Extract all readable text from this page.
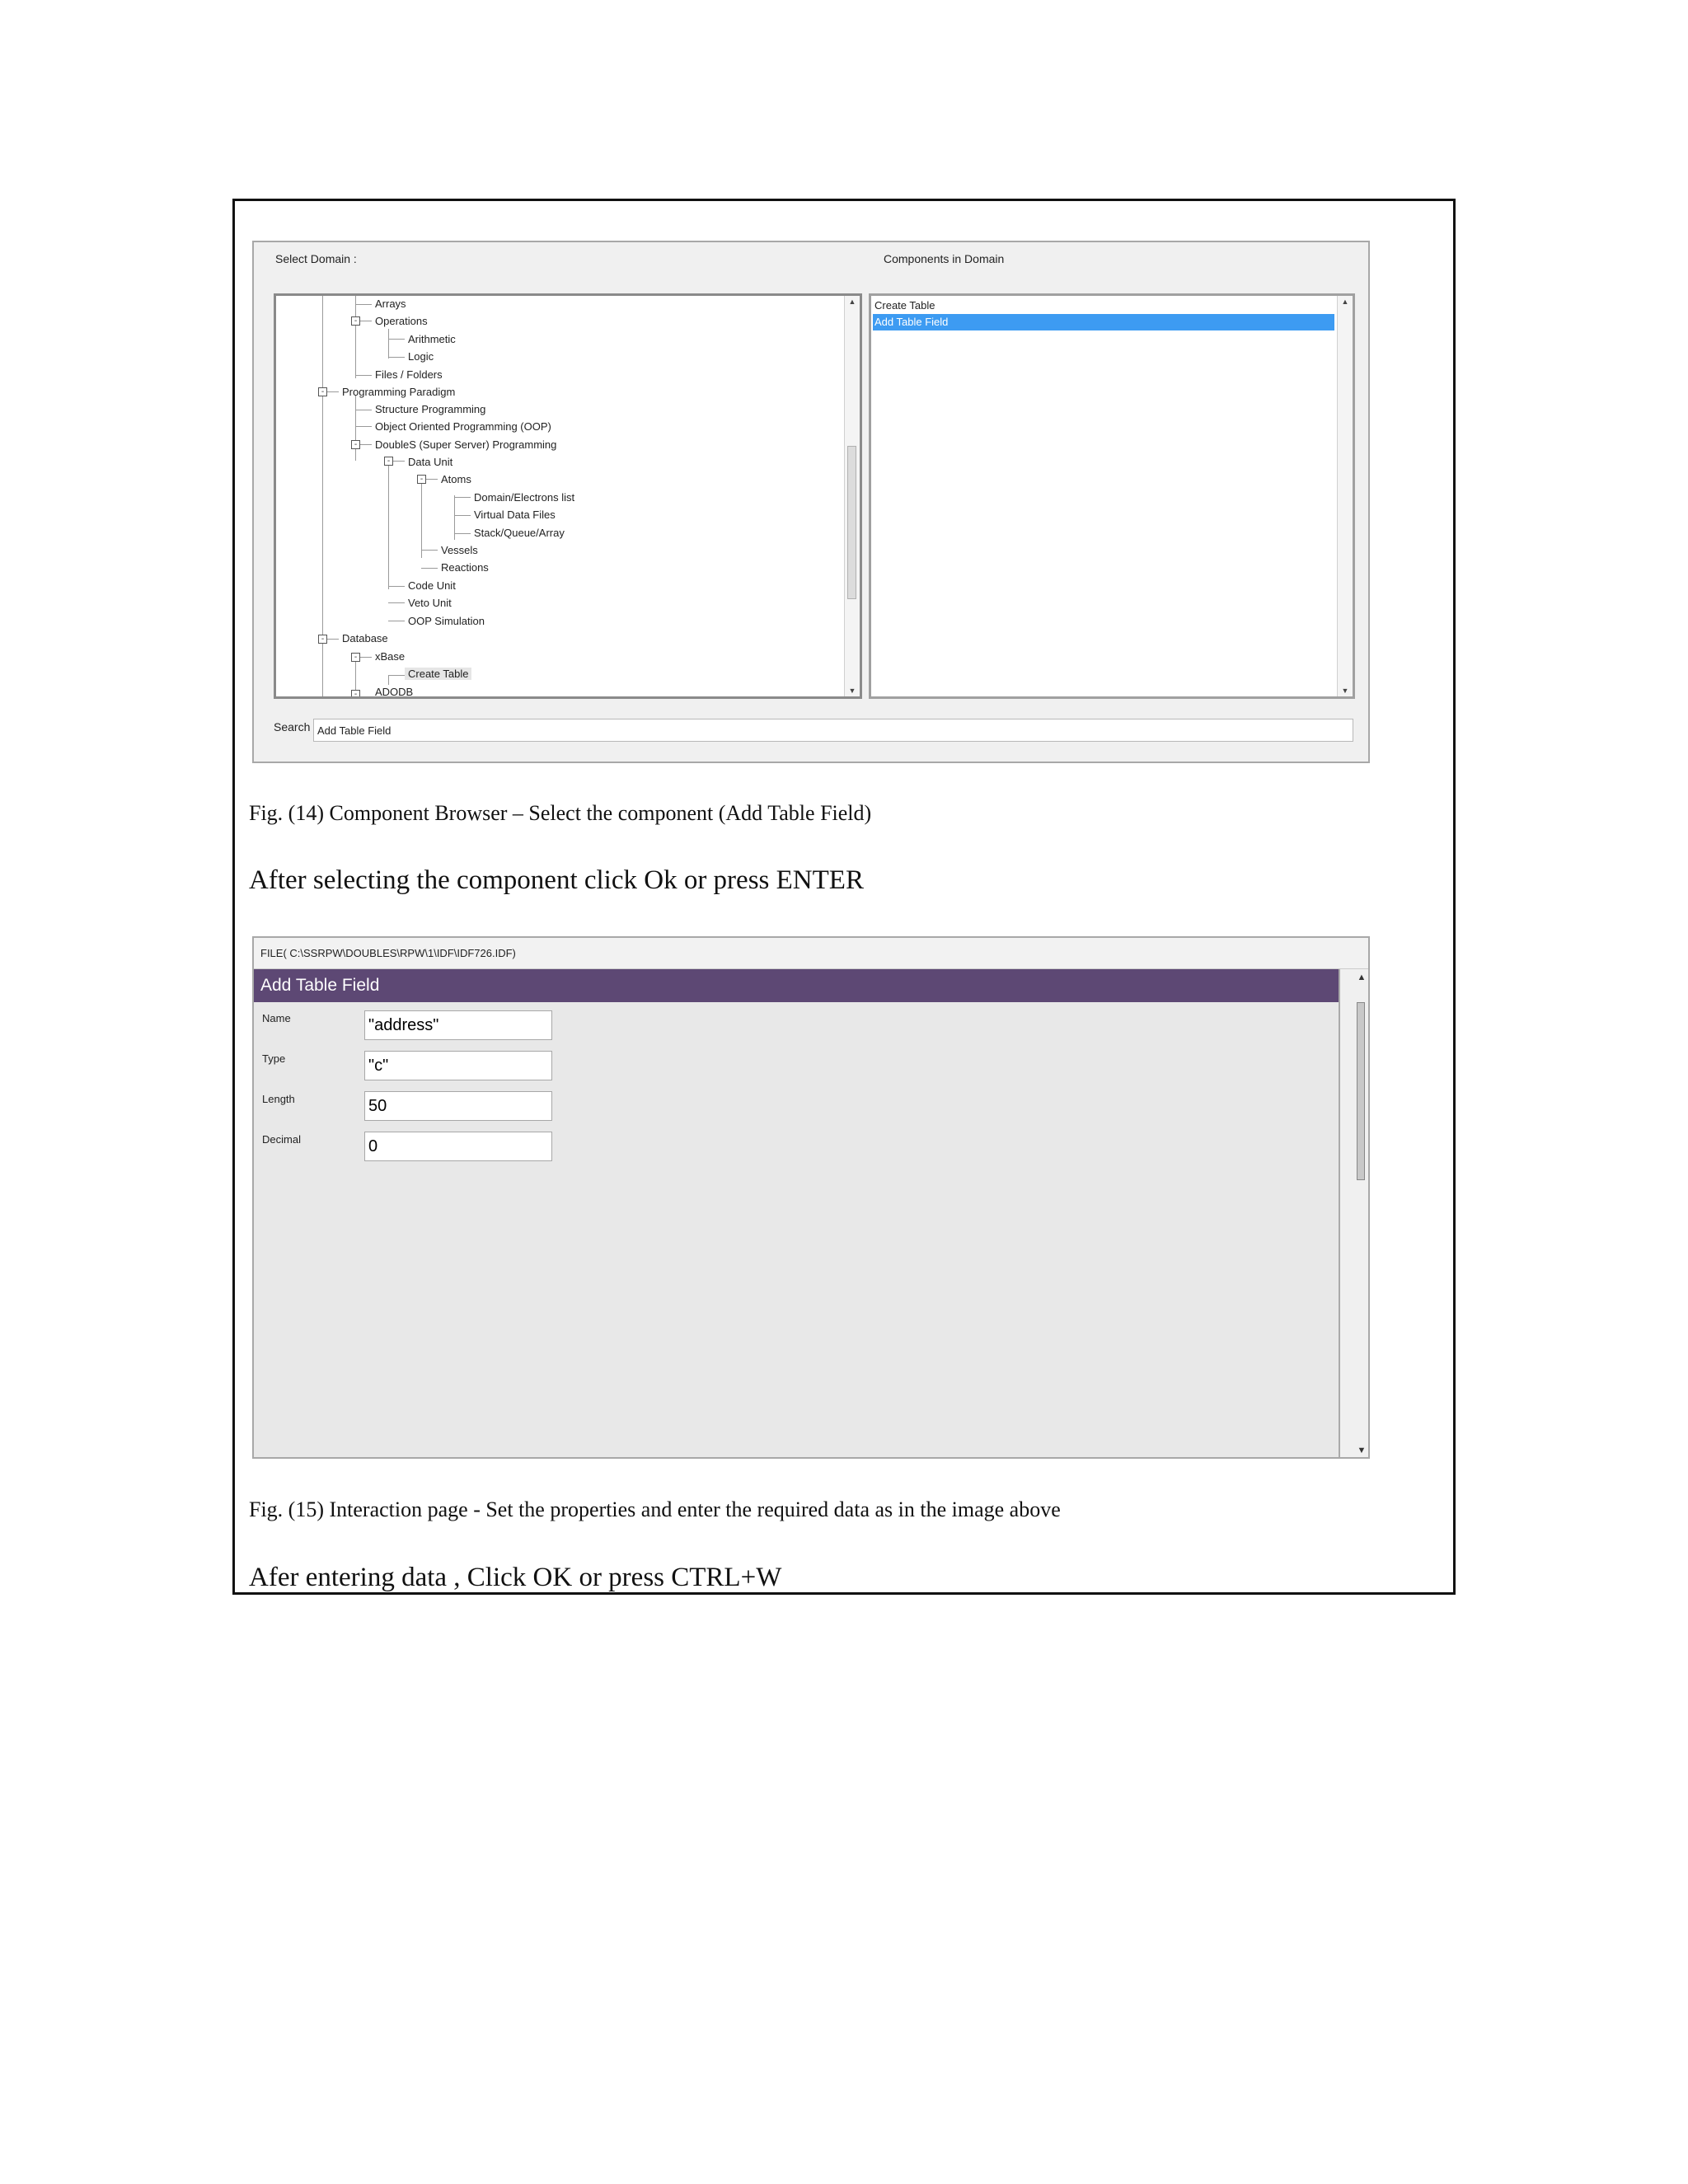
Select Domain :	Components in Domain
-
-
-
-
-
-
-
-
Arrays
Operations
Arithmetic
Logic
Files / Folders
Programming Paradigm
Structure Programming
Object Oriented Programming (OOP)
DoubleS (Super Server) Programming
Data Unit
Atoms
Domain/Electrons list
Virtual Data Files
Stack/Queue/Array
Vessels
Reactions
Code Unit
Veto Unit
OOP Simulation
Database
xBase
Create Table
ADODB
▲
▼
Create Table
Add Table Field
▲
▼
Search
Add Table Field
Fig. (14) Component Browser – Select the component (Add Table Field)
After selecting the component click Ok or press ENTER
FILE( C:\SSRPW\DOUBLES\RPW\1\IDF\IDF726.IDF)
Add Table Field
Name
"address"
Type
"c"
Length
50
Decimal
0
▲
▼
Fig. (15) Interaction page - Set the properties and enter the required data as in the image above
Afer entering data , Click OK or press CTRL+W
